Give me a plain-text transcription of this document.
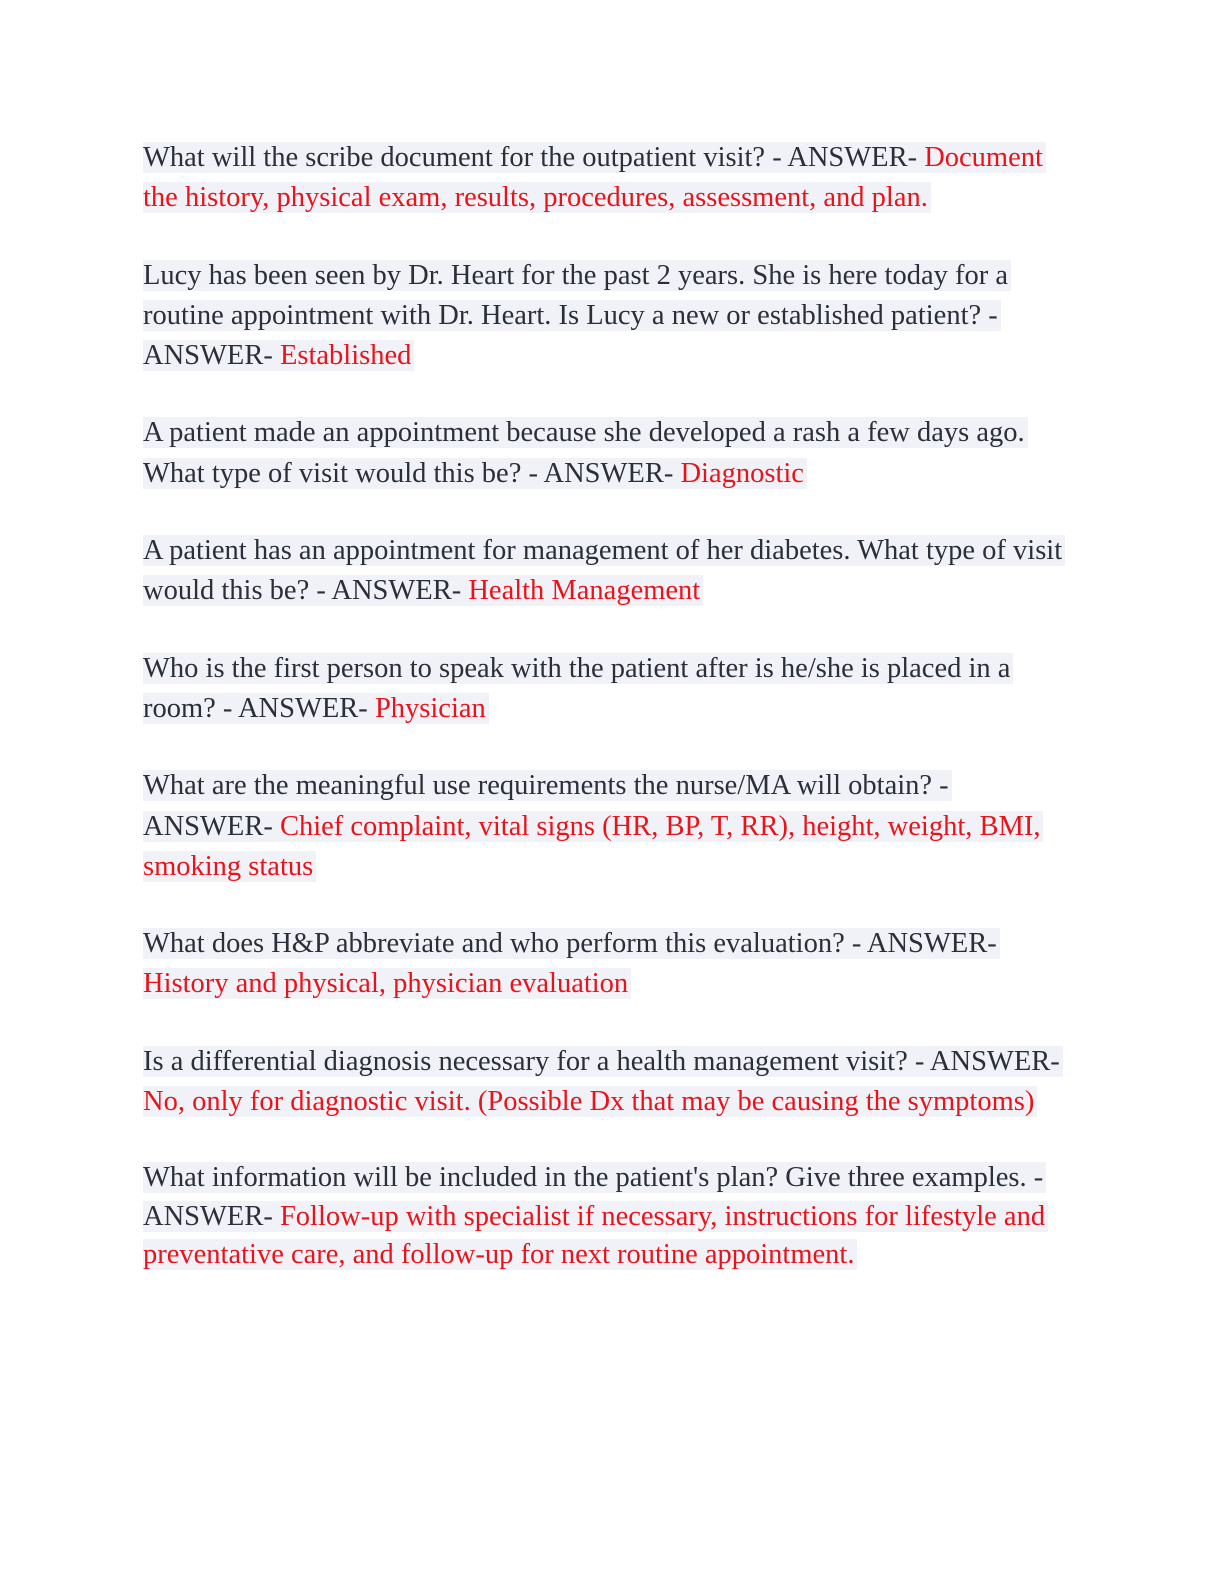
What will the scribe document for the outpatient visit? - ANSWER- Document the history, physical exam, results, procedures, assessment, and plan.

Lucy has been seen by Dr. Heart for the past 2 years. She is here today for a routine appointment with Dr. Heart. Is Lucy a new or established patient? - ANSWER- Established

A patient made an appointment because she developed a rash a few days ago. What type of visit would this be? - ANSWER- Diagnostic

A patient has an appointment for management of her diabetes. What type of visit would this be? - ANSWER- Health Management

Who is the first person to speak with the patient after is he/she is placed in a room? - ANSWER- Physician

What are the meaningful use requirements the nurse/MA will obtain? - ANSWER- Chief complaint, vital signs (HR, BP, T, RR), height, weight, BMI, smoking status

What does H&P abbreviate and who perform this evaluation? - ANSWER- History and physical, physician evaluation

Is a differential diagnosis necessary for a health management visit? - ANSWER- No, only for diagnostic visit. (Possible Dx that may be causing the symptoms)

What information will be included in the patient's plan? Give three examples. - ANSWER- Follow-up with specialist if necessary, instructions for lifestyle and preventative care, and follow-up for next routine appointment.
